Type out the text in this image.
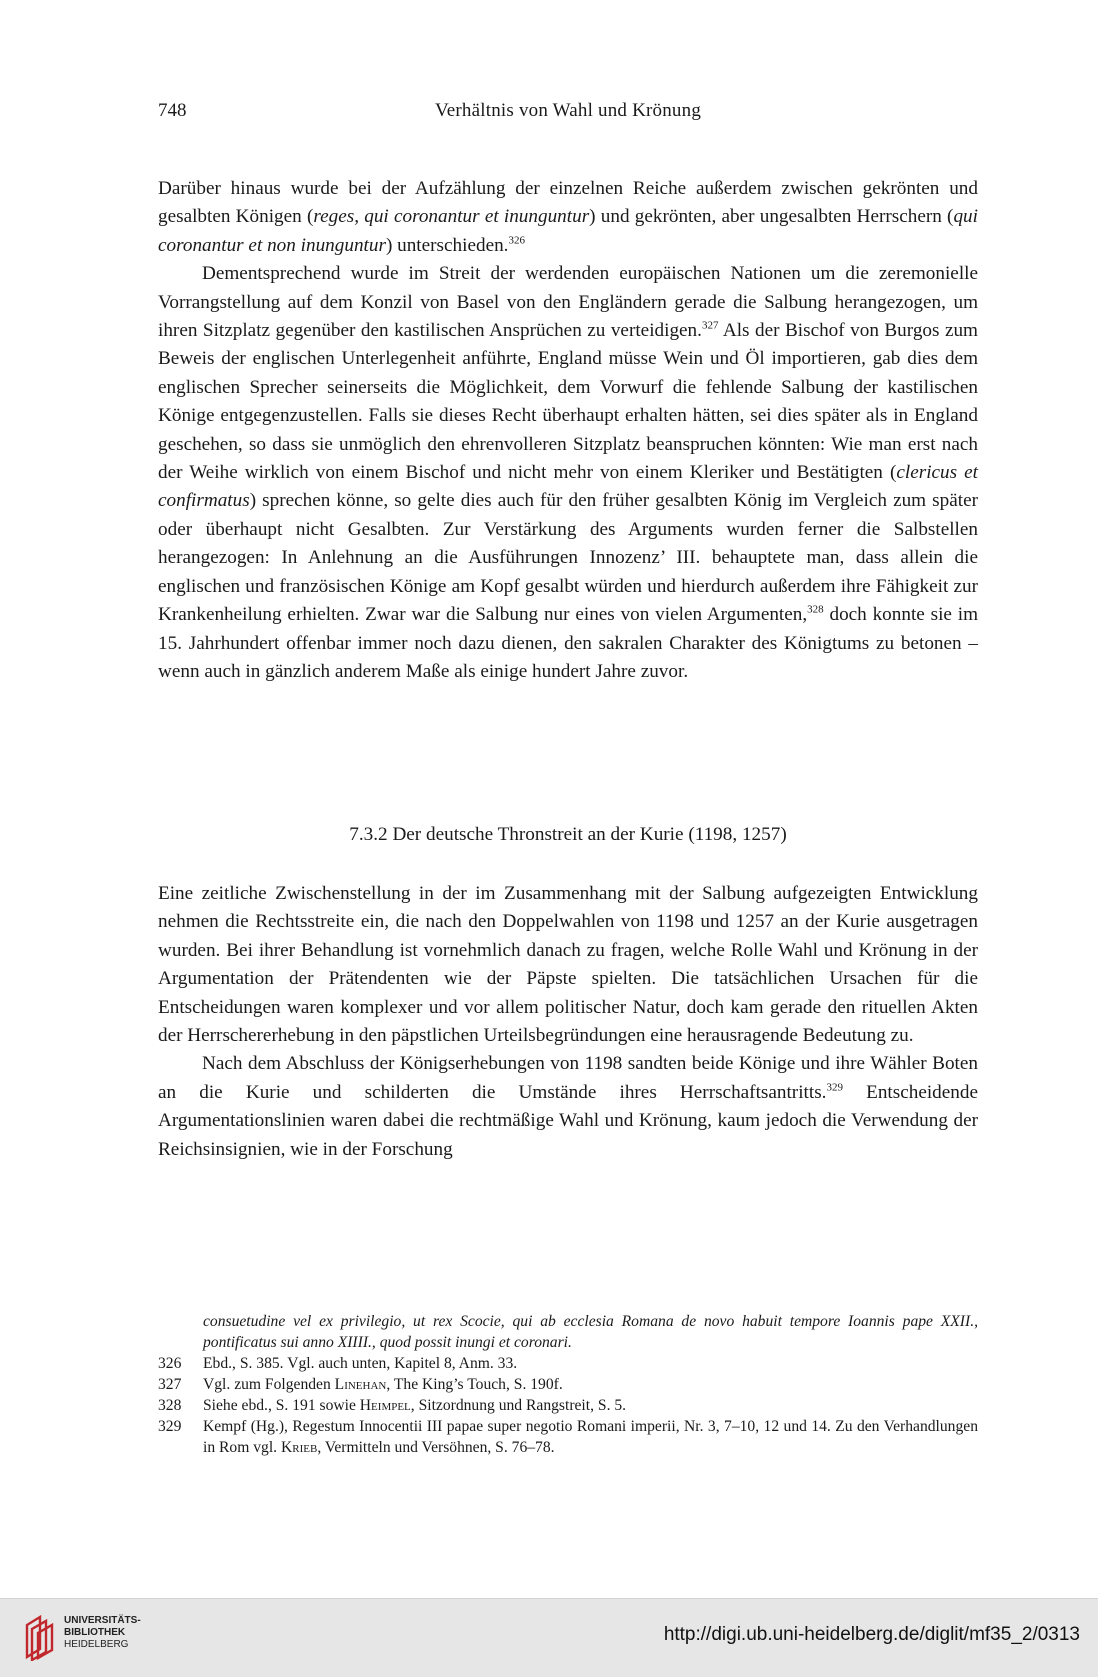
748	Verhältnis von Wahl und Krönung

Darüber hinaus wurde bei der Aufzählung der einzelnen Reiche außerdem zwischen gekrönten und gesalbten Königen (reges, qui coronantur et inunguntur) und gekrönten, aber ungesalbten Herrschern (qui coronantur et non inunguntur) unterschieden.$^{326}$

Dementsprechend wurde im Streit der werdenden europäischen Nationen um die zeremonielle Vorrangstellung auf dem Konzil von Basel von den Engländern gerade die Salbung herangezogen, um ihren Sitzplatz gegenüber den kastilischen Ansprüchen zu verteidigen.$^{327}$ Als der Bischof von Burgos zum Beweis der englischen Unterlegenheit anführte, England müsse Wein und Öl importieren, gab dies dem englischen Sprecher seinerseits die Möglichkeit, dem Vorwurf die fehlende Salbung der kastilischen Könige entgegenzustellen. Falls sie dieses Recht überhaupt erhalten hätten, sei dies später als in England geschehen, so dass sie unmöglich den ehrenvolleren Sitzplatz beanspruchen könnten: Wie man erst nach der Weihe wirklich von einem Bischof und nicht mehr von einem Kleriker und Bestätigten (clericus et confirmatus) sprechen könne, so gelte dies auch für den früher gesalbten König im Vergleich zum später oder überhaupt nicht Gesalbten. Zur Verstärkung des Arguments wurden ferner die Salbstellen herangezogen: In Anlehnung an die Ausführungen Innozenz’ III. behauptete man, dass allein die englischen und französischen Könige am Kopf gesalbt würden und hierdurch außerdem ihre Fähigkeit zur Krankenheilung erhielten. Zwar war die Salbung nur eines von vielen Argumenten,$^{328}$ doch konnte sie im 15. Jahrhundert offenbar immer noch dazu dienen, den sakralen Charakter des Königtums zu betonen – wenn auch in gänzlich anderem Maße als einige hundert Jahre zuvor.

7.3.2 Der deutsche Thronstreit an der Kurie (1198, 1257)

Eine zeitliche Zwischenstellung in der im Zusammenhang mit der Salbung aufgezeigten Entwicklung nehmen die Rechtsstreite ein, die nach den Doppelwahlen von 1198 und 1257 an der Kurie ausgetragen wurden. Bei ihrer Behandlung ist vornehmlich danach zu fragen, welche Rolle Wahl und Krönung in der Argumentation der Prätendenten wie der Päpste spielten. Die tatsächlichen Ursachen für die Entscheidungen waren komplexer und vor allem politischer Natur, doch kam gerade den rituellen Akten der Herrschererhebung in den päpstlichen Urteilsbegründungen eine herausragende Bedeutung zu.

Nach dem Abschluss der Königserhebungen von 1198 sandten beide Könige und ihre Wähler Boten an die Kurie und schilderten die Umstände ihres Herrschaftsantritts.$^{329}$ Entscheidende Argumentationslinien waren dabei die rechtmäßige Wahl und Krönung, kaum jedoch die Verwendung der Reichsinsignien, wie in der Forschung

consuetudine vel ex privilegio, ut rex Scocie, qui ab ecclesia Romana de novo habuit tempore Ioannis pape XXII., pontificatus sui anno XIIII., quod possit inungi et coronari.
326	Ebd., S. 385. Vgl. auch unten, Kapitel 8, Anm. 33.
327	Vgl. zum Folgenden Linehan, The King’s Touch, S. 190f.
328	Siehe ebd., S. 191 sowie Heimpel, Sitzordnung und Rangstreit, S. 5.
329	Kempf (Hg.), Regestum Innocentii III papae super negotio Romani imperii, Nr. 3, 7–10, 12 und 14. Zu den Verhandlungen in Rom vgl. Krieb, Vermitteln und Versöhnen, S. 76–78.
UNIVERSITÄTS-
BIBLIOTHEK
HEIDELBERG	http://digi.ub.uni-heidelberg.de/diglit/mf35_2/0313
